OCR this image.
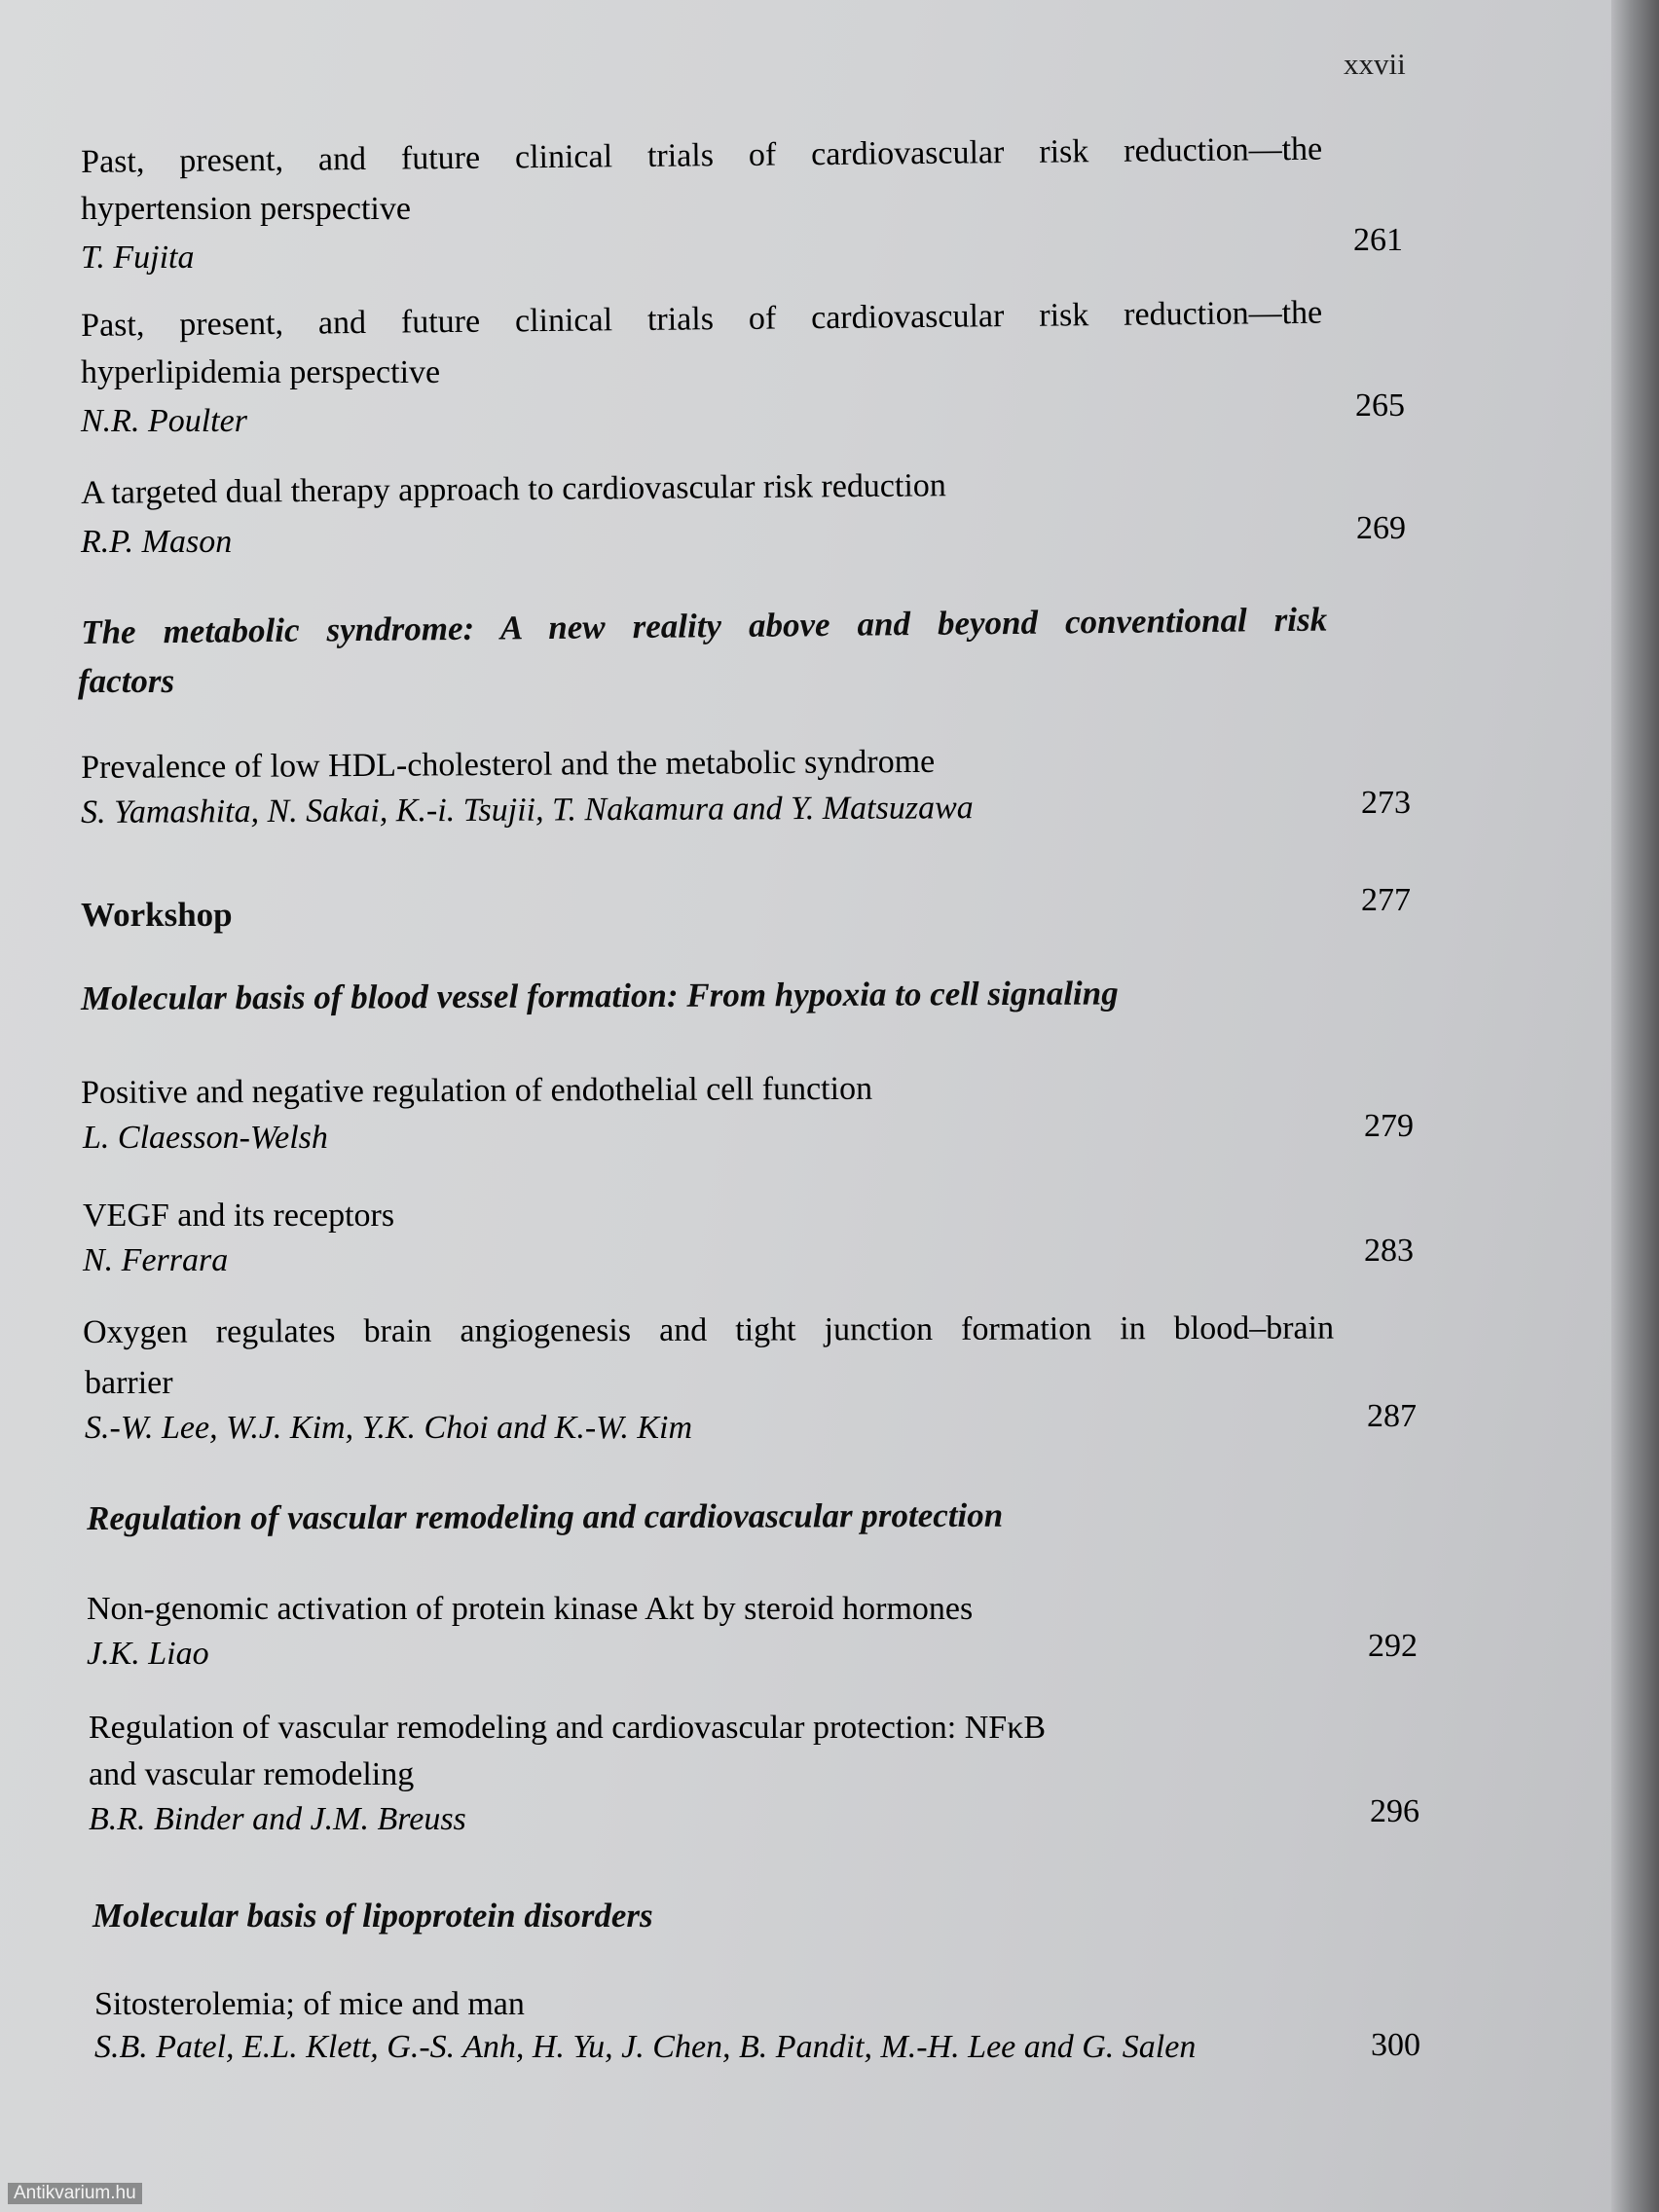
xxvii
Past, present, and future clinical trials of cardiovascular risk reduction—the
hypertension perspective
T. Fujita	261
Past, present, and future clinical trials of cardiovascular risk reduction—the
hyperlipidemia perspective
N.R. Poulter	265
A targeted dual therapy approach to cardiovascular risk reduction
R.P. Mason	269
The metabolic syndrome: A new reality above and beyond conventional risk
factors
Prevalence of low HDL-cholesterol and the metabolic syndrome
S. Yamashita, N. Sakai, K.-i. Tsujii, T. Nakamura and Y. Matsuzawa	273
Workshop	277
Molecular basis of blood vessel formation: From hypoxia to cell signaling
Positive and negative regulation of endothelial cell function
L. Claesson-Welsh	279
VEGF and its receptors
N. Ferrara	283
Oxygen regulates brain angiogenesis and tight junction formation in blood–brain
barrier
S.-W. Lee, W.J. Kim, Y.K. Choi and K.-W. Kim	287
Regulation of vascular remodeling and cardiovascular protection
Non-genomic activation of protein kinase Akt by steroid hormones
J.K. Liao	292
Regulation of vascular remodeling and cardiovascular protection: NFκB
and vascular remodeling
B.R. Binder and J.M. Breuss	296
Molecular basis of lipoprotein disorders
Sitosterolemia; of mice and man
S.B. Patel, E.L. Klett, G.-S. Anh, H. Yu, J. Chen, B. Pandit, M.-H. Lee and G. Salen	300
Antikvarium.hu
